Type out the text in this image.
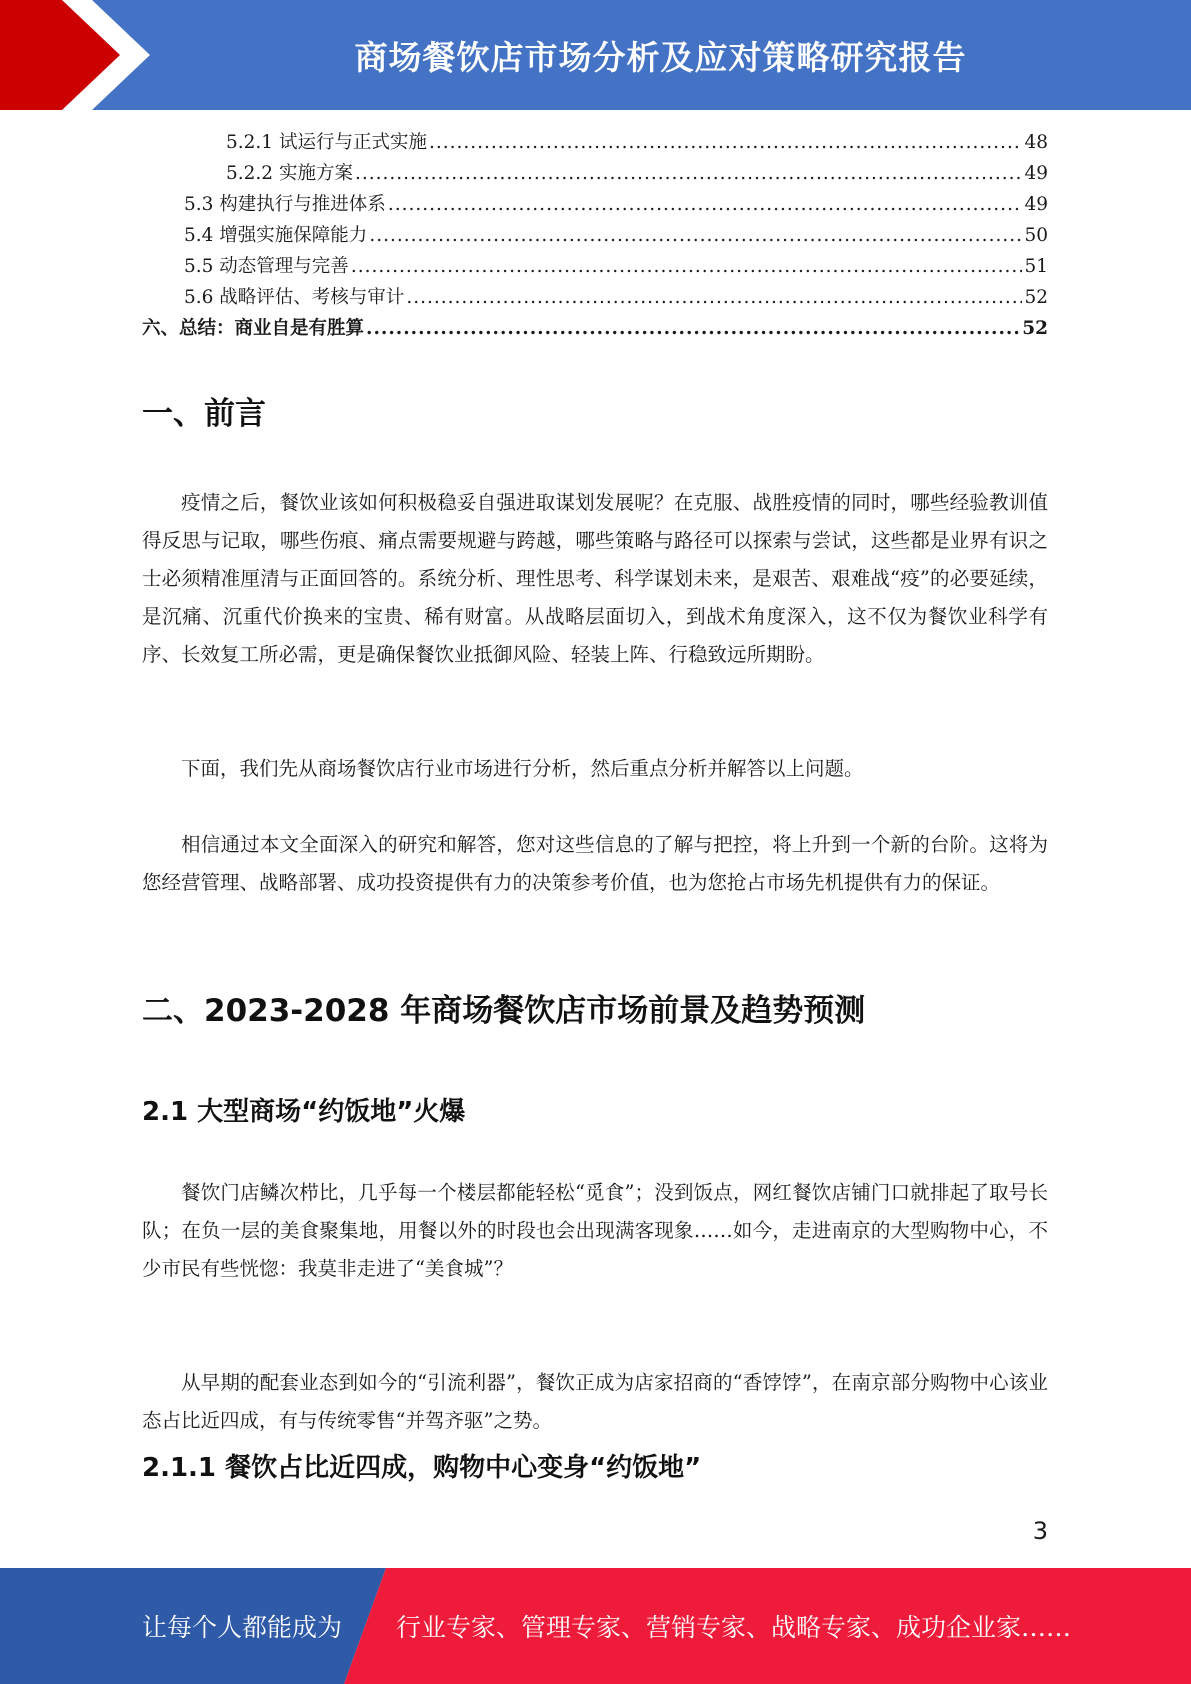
商场餐饮店市场分析及应对策略研究报告
5.2.1 试运行与正式实施 .....	48
5.2.2 实施方案 .....	49
5.3 构建执行与推进体系 .....	49
5.4 增强实施保障能力 .....	50
5.5 动态管理与完善 .....	51
5.6 战略评估、考核与审计 .....	52
六、总结：商业自是有胜算 .....	52
一、前言

疫情之后，餐饮业该如何积极稳妥自强进取谋划发展呢？在克服、战胜疫情的同时，哪些经验教训值得反思与记取，哪些伤痕、痛点需要规避与跨越，哪些策略与路径可以探索与尝试，这些都是业界有识之士必须精准厘清与正面回答的。系统分析、理性思考、科学谋划未来，是艰苦、艰难战“疫”的必要延续，是沉痛、沉重代价换来的宝贵、稀有财富。从战略层面切入，到战术角度深入，这不仅为餐饮业科学有序、长效复工所必需，更是确保餐饮业抵御风险、轻装上阵、行稳致远所期盼。

下面，我们先从商场餐饮店行业市场进行分析，然后重点分析并解答以上问题。

相信通过本文全面深入的研究和解答，您对这些信息的了解与把控，将上升到一个新的台阶。这将为您经营管理、战略部署、成功投资提供有力的决策参考价值，也为您抢占市场先机提供有力的保证。

二、2023-2028 年商场餐饮店市场前景及趋势预测
2.1 大型商场“约饭地”火爆

餐饮门店鳞次栉比，几乎每一个楼层都能轻松“觅食”；没到饭点，网红餐饮店铺门口就排起了取号长队；在负一层的美食聚集地，用餐以外的时段也会出现满客现象……如今，走进南京的大型购物中心，不少市民有些恍惚：我莫非走进了“美食城”？

从早期的配套业态到如今的“引流利器”，餐饮正成为店家招商的“香饽饽”，在南京部分购物中心该业态占比近四成，有与传统零售“并驾齐驱”之势。

2.1.1 餐饮占比近四成，购物中心变身“约饭地”
3
让每个人都能成为 行业专家、管理专家、营销专家、战略专家、成功企业家……
